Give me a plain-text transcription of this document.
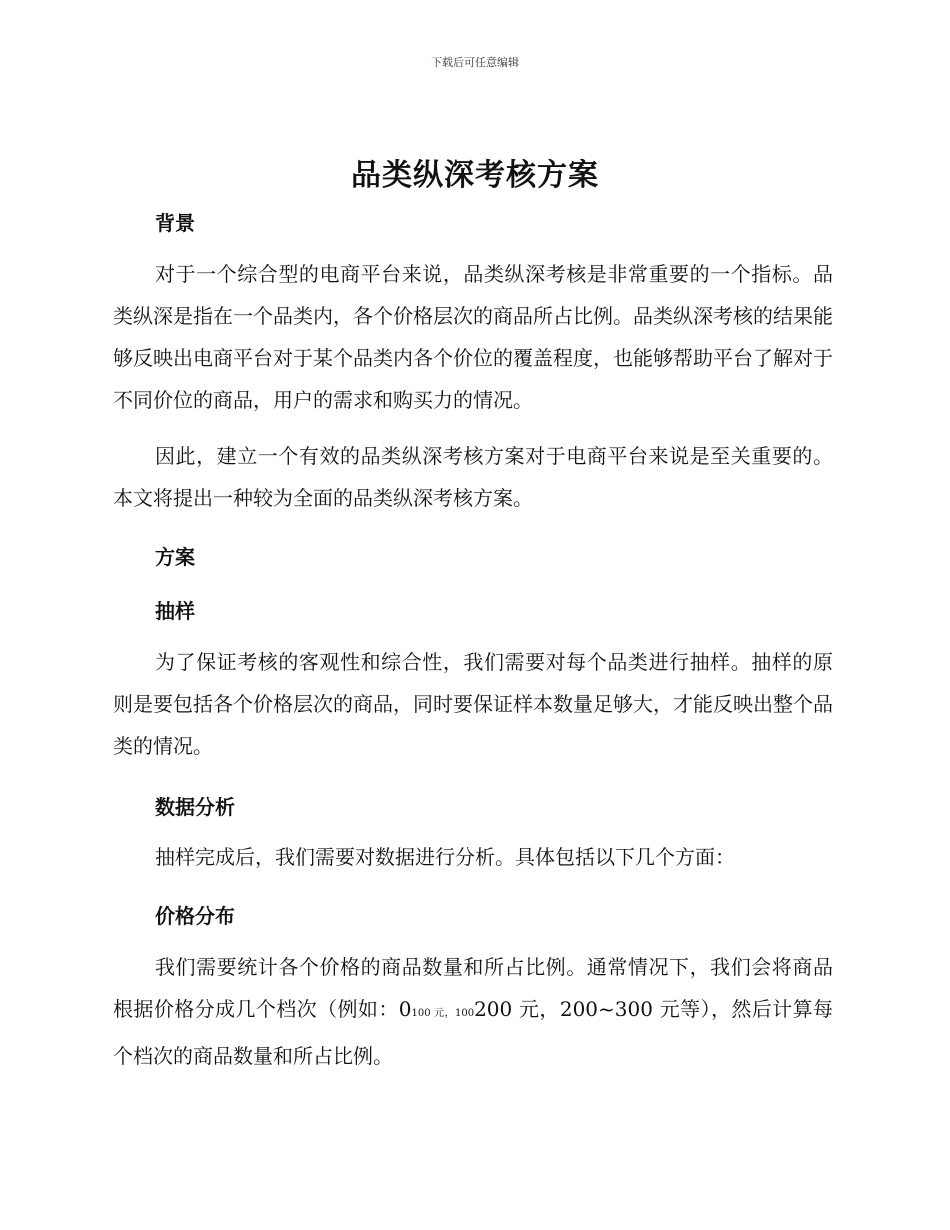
下载后可任意编辑
品类纵深考核方案
背景
对于一个综合型的电商平台来说，品类纵深考核是非常重要的一个指标。品类纵深是指在一个品类内，各个价格层次的商品所占比例。品类纵深考核的结果能够反映出电商平台对于某个品类内各个价位的覆盖程度，也能够帮助平台了解对于不同价位的商品，用户的需求和购买力的情况。
因此，建立一个有效的品类纵深考核方案对于电商平台来说是至关重要的。本文将提出一种较为全面的品类纵深考核方案。
方案
抽样
为了保证考核的客观性和综合性，我们需要对每个品类进行抽样。抽样的原则是要包括各个价格层次的商品，同时要保证样本数量足够大，才能反映出整个品类的情况。
数据分析
抽样完成后，我们需要对数据进行分析。具体包括以下几个方面：
价格分布
我们需要统计各个价格的商品数量和所占比例。通常情况下，我们会将商品根据价格分成几个档次（例如：0100 元，100200 元，200~300 元等），然后计算每个档次的商品数量和所占比例。
